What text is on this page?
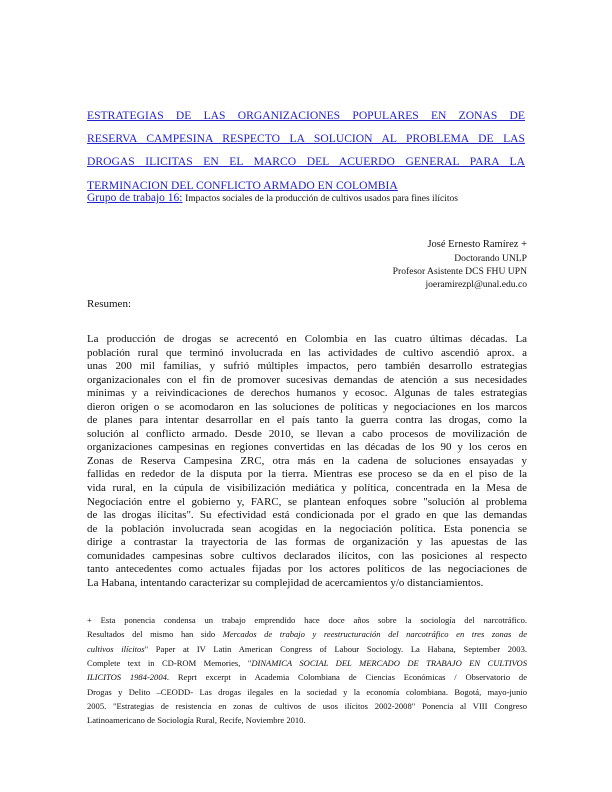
ESTRATEGIAS DE LAS ORGANIZACIONES POPULARES EN ZONAS DE
RESERVA CAMPESINA RESPECTO LA SOLUCION AL PROBLEMA DE LAS
DROGAS ILICITAS EN EL MARCO DEL ACUERDO GENERAL PARA LA
TERMINACION DEL CONFLICTO ARMADO EN COLOMBIA
Grupo de trabajo 16: Impactos sociales de la producción de cultivos usados para fines ilícitos
José Ernesto Ramírez +
Doctorando UNLP
Profesor Asistente DCS FHU UPN
joeramirezpl@unal.edu.co
Resumen:

La producción de drogas se acrecentó en Colombia en las cuatro últimas décadas. La
población rural que terminó involucrada en las actividades de cultivo ascendió aprox. a
unas 200 mil familias, y sufrió múltiples impactos, pero también desarrollo estrategias
organizacionales con el fin de promover sucesivas demandas de atención a sus necesidades
mínimas y a reivindicaciones de derechos humanos y ecosoc. Algunas de tales estrategias
dieron origen o se acomodaron en las soluciones de políticas y negociaciones en los marcos
de planes para intentar desarrollar en el país tanto la guerra contra las drogas, como la
solución al conflicto armado. Desde 2010, se llevan a cabo procesos de movilización de
organizaciones campesinas en regiones convertidas en las décadas de los 90 y los ceros en
Zonas de Reserva Campesina ZRC, otra más en la cadena de soluciones ensayadas y
fallidas en rededor de la disputa por la tierra. Mientras ese proceso se da en el piso de la
vida rural, en la cúpula de visibilización mediática y política, concentrada en la Mesa de
Negociación entre el gobierno y, FARC, se plantean enfoques sobre "solución al problema
de las drogas ilícitas". Su efectividad está condicionada por el grado en que las demandas
de la población involucrada sean acogidas en la negociación política. Esta ponencia se
dirige a contrastar la trayectoria de las formas de organización y las apuestas de las
comunidades campesinas sobre cultivos declarados ilícitos, con las posiciones al respecto
tanto antecedentes como actuales fijadas por los actores políticos de las negociaciones de
La Habana, intentando caracterizar su complejidad de acercamientos y/o distanciamientos.

+ Esta ponencia condensa un trabajo emprendido hace doce años sobre la sociología del narcotráfico.
Resultados del mismo han sido Mercados de trabajo y reestructuración del narcotráfico en tres zonas de
cultivos ilícitos" Paper at IV Latin American Congress of Labour Sociology. La Habana, September 2003.
Complete text in CD-ROM Memories, "DINAMICA SOCIAL DEL MERCADO DE TRABAJO EN CULTIVOS
ILICITOS 1984-2004. Reprt excerpt in Academia Colombiana de Ciencias Económicas / Observatorio de
Drogas y Delito –CEODD- Las drogas ilegales en la sociedad y la economía colombiana. Bogotá, mayo-junio
2005. "Estrategias de resistencia en zonas de cultivos de usos ilícitos 2002-2008" Ponencia al VIII Congreso
Latinoamericano de Sociología Rural, Recife, Noviembre 2010.
